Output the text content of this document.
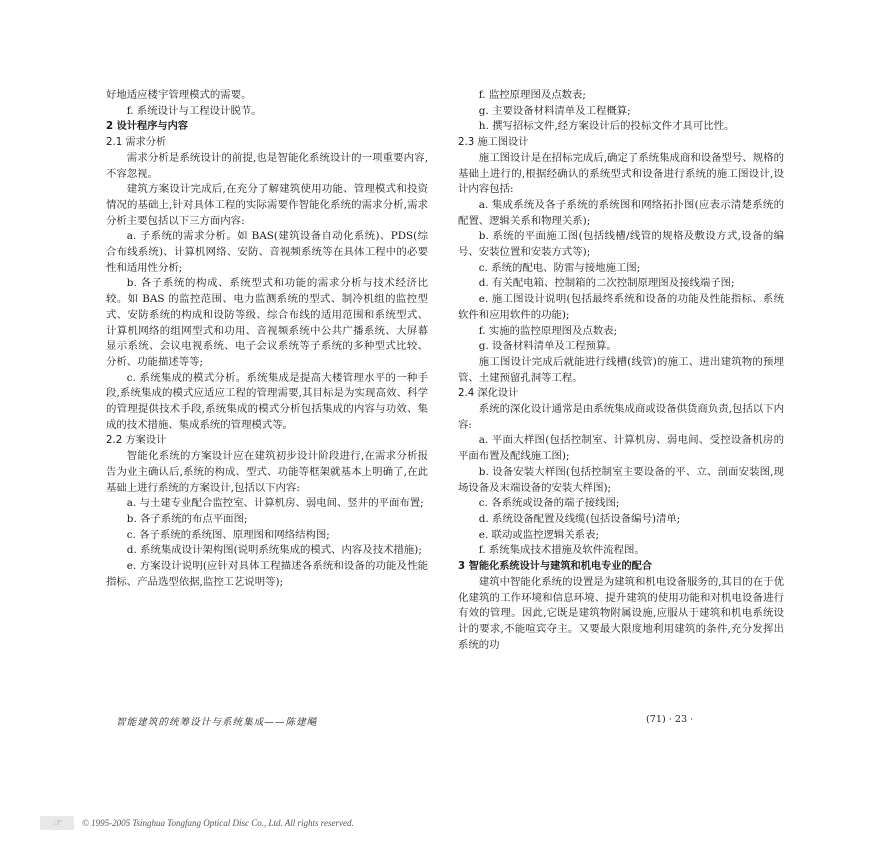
好地适应楼宇管理模式的需要。

f. 系统设计与工程设计脱节。

2 设计程序与内容

2.1 需求分析

需求分析是系统设计的前提,也是智能化系统设计的一项重要内容,不容忽视。

建筑方案设计完成后,在充分了解建筑使用功能、管理模式和投资情况的基础上,针对具体工程的实际需要作智能化系统的需求分析,需求分析主要包括以下三方面内容:

a. 子系统的需求分析。如 BAS(建筑设备自动化系统)、PDS(综合布线系统)、计算机网络、安防、音视频系统等在具体工程中的必要性和适用性分析;

b. 各子系统的构成、系统型式和功能的需求分析与技术经济比较。如 BAS 的监控范围、电力监测系统的型式、制冷机组的监控型式、安防系统的构成和设防等级、综合布线的适用范围和系统型式、计算机网络的组网型式和功用、音视频系统中公共广播系统、大屏幕显示系统、会议电视系统、电子会议系统等子系统的多种型式比较、分析、功能描述等等;

c. 系统集成的模式分析。系统集成是提高大楼管理水平的一种手段,系统集成的模式应适应工程的管理需要,其目标是为实现高效、科学的管理提供技术手段,系统集成的模式分析包括集成的内容与功效、集成的技术措施、集成系统的管理模式等。

2.2 方案设计

智能化系统的方案设计应在建筑初步设计阶段进行,在需求分析报告为业主确认后,系统的构成、型式、功能等框架就基本上明确了,在此基础上进行系统的方案设计,包括以下内容:

a. 与土建专业配合监控室、计算机房、弱电间、竖井的平面布置;

b. 各子系统的布点平面图;

c. 各子系统的系统图、原理图和网络结构图;

d. 系统集成设计架构图(说明系统集成的模式、内容及技术措施);

e. 方案设计说明(应针对具体工程描述各系统和设备的功能及性能指标、产品选型依据,监控工艺说明等);

f. 监控原理图及点数表;

g. 主要设备材料清单及工程概算;

h. 撰写招标文件,经方案设计后的投标文件才具可比性。

2.3 施工图设计

施工图设计是在招标完成后,确定了系统集成商和设备型号、规格的基础上进行的,根据经确认的系统型式和设备进行系统的施工图设计,设计内容包括:

a. 集成系统及各子系统的系统图和网络拓扑图(应表示清楚系统的配置、逻辑关系和物理关系);

b. 系统的平面施工图(包括线槽/线管的规格及敷设方式,设备的编号、安装位置和安装方式等);

c. 系统的配电、防雷与接地施工图;

d. 有关配电箱、控制箱的二次控制原理图及接线端子图;

e. 施工图设计说明(包括最终系统和设备的功能及性能指标、系统软件和应用软件的功能);

f. 实施的监控原理图及点数表;

g. 设备材料清单及工程预算。

施工图设计完成后就能进行线槽(线管)的施工、进出建筑物的预埋管、土建预留孔洞等工程。

2.4 深化设计

系统的深化设计通常是由系统集成商或设备供货商负责,包括以下内容:

a. 平面大样图(包括控制室、计算机房、弱电间、受控设备机房的平面布置及配线施工图);

b. 设备安装大样图(包括控制室主要设备的平、立、剖面安装图,现场设备及末端设备的安装大样图);

c. 各系统或设备的端子接线图;

d. 系统设备配置及线缆(包括设备编号)清单;

e. 联动或监控逻辑关系表;

f. 系统集成技术措施及软件流程图。

3 智能化系统设计与建筑和机电专业的配合

建筑中智能化系统的设置是为建筑和机电设备服务的,其目的在于优化建筑的工作环境和信息环境、提升建筑的使用功能和对机电设备进行有效的管理。因此,它既是建筑物附属设施,应服从于建筑和机电系统设计的要求,不能喧宾夺主。又要最大限度地利用建筑的条件,充分发挥出系统的功

智能建筑的统筹设计与系统集成——陈建飚	(71) · 23 ·
☞	© 1995-2005 Tsinghua Tongfang Optical Disc Co., Ltd. All rights reserved.
